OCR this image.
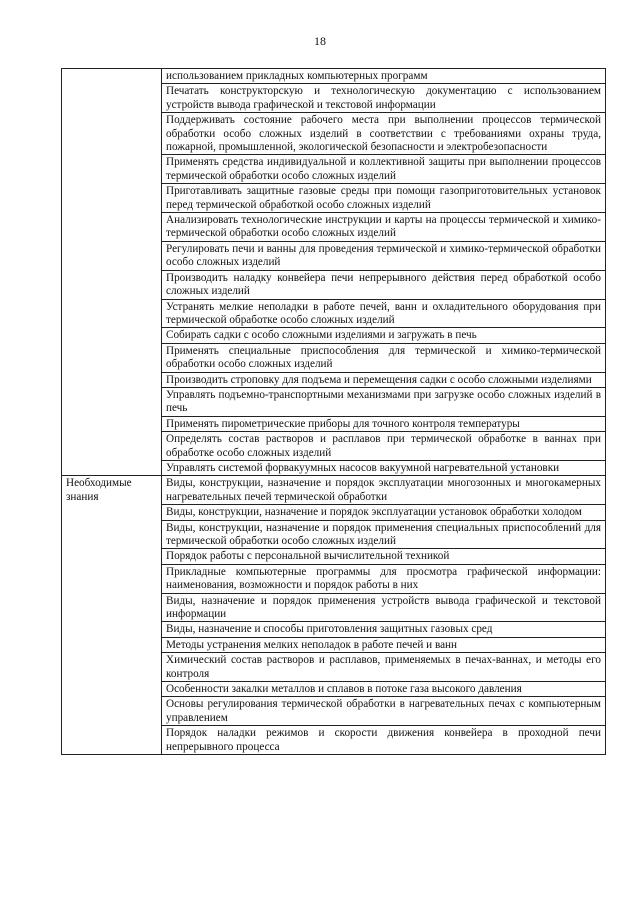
18
	использованием прикладных компьютерных программ
	Печатать конструкторскую и технологическую документацию с использованием устройств вывода графической и текстовой информации
	Поддерживать состояние рабочего места при выполнении процессов термической обработки особо сложных изделий в соответствии с требованиями охраны труда, пожарной, промышленной, экологической безопасности и электробезопасности
	Применять средства индивидуальной и коллективной защиты при выполнении процессов термической обработки особо сложных изделий
	Приготавливать защитные газовые среды при помощи газоприготовительных установок перед термической обработкой особо сложных изделий
	Анализировать технологические инструкции и карты на процессы термической и химико-термической обработки особо сложных изделий
	Регулировать печи и ванны для проведения термической и химико-термической обработки особо сложных изделий
	Производить наладку конвейера печи непрерывного действия перед обработкой особо сложных изделий
	Устранять мелкие неполадки в работе печей, ванн и охладительного оборудования при термической обработке особо сложных изделий
	Собирать садки с особо сложными изделиями и загружать в печь
	Применять специальные приспособления для термической и химико-термической обработки особо сложных изделий
	Производить строповку для подъема и перемещения садки с особо сложными изделиями
	Управлять подъемно-транспортными механизмами при загрузке особо сложных изделий в печь
	Применять пирометрические приборы для точного контроля температуры
	Определять состав растворов и расплавов при термической обработке в ваннах при обработке особо сложных изделий
	Управлять системой форвакуумных насосов вакуумной нагревательной установки
Необходимые знания	Виды, конструкции, назначение и порядок эксплуатации многозонных и многокамерных нагревательных печей термической обработки
	Виды, конструкции, назначение и порядок эксплуатации установок обработки холодом
	Виды, конструкции, назначение и порядок применения специальных приспособлений для термической обработки особо сложных изделий
	Порядок работы с персональной вычислительной техникой
	Прикладные компьютерные программы для просмотра графической информации: наименования, возможности и порядок работы в них
	Виды, назначение и порядок применения устройств вывода графической и текстовой информации
	Виды, назначение и способы приготовления защитных газовых сред
	Методы устранения мелких неполадок в работе печей и ванн
	Химический состав растворов и расплавов, применяемых в печах-ваннах, и методы его контроля
	Особенности закалки металлов и сплавов в потоке газа высокого давления
	Основы регулирования термической обработки в нагревательных печах с компьютерным управлением
	Порядок наладки режимов и скорости движения конвейера в проходной печи непрерывного процесса
